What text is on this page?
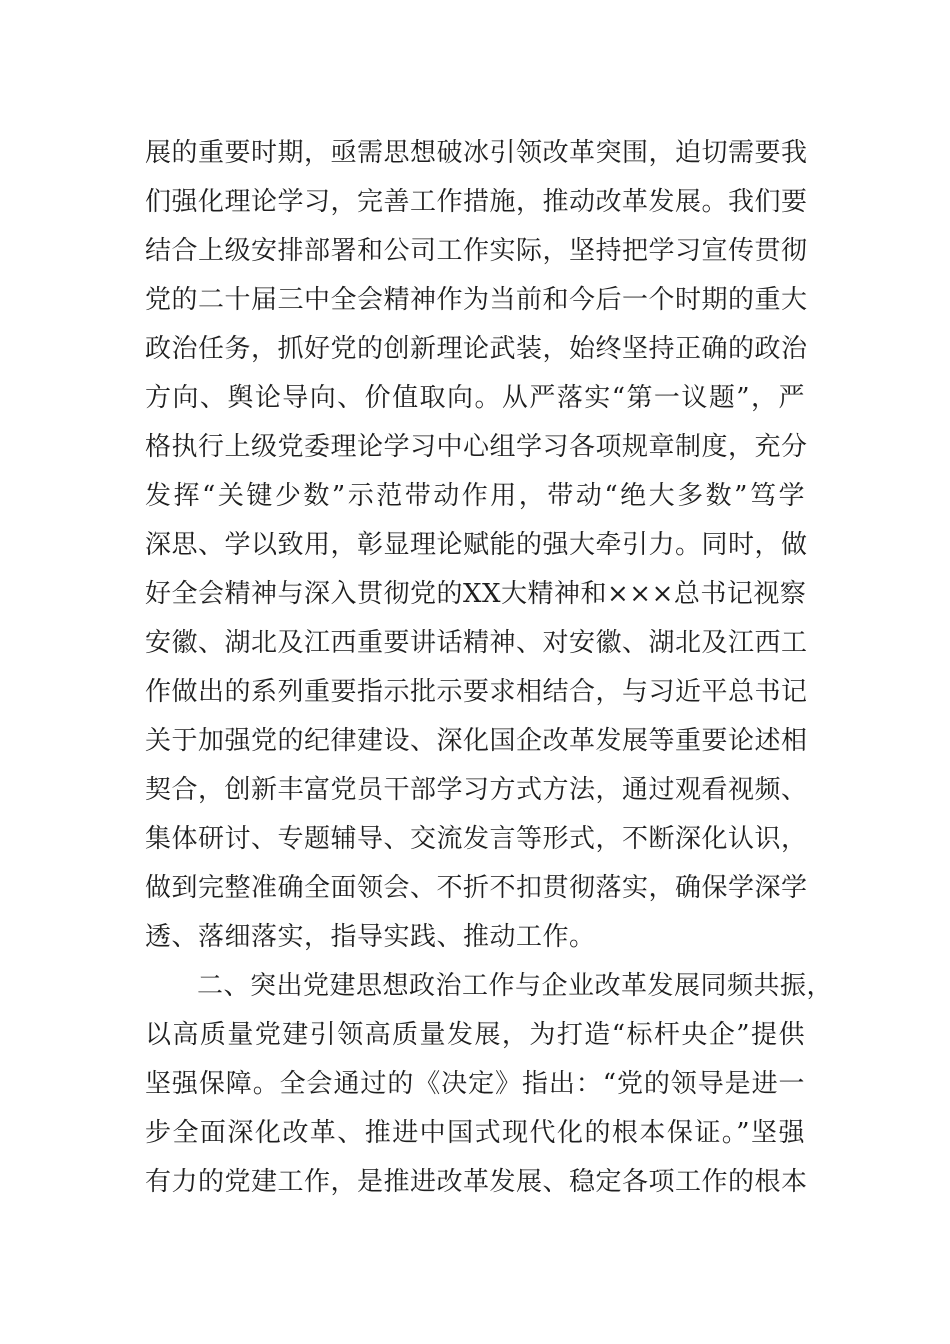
展的重要时期，亟需思想破冰引领改革突围，迫切需要我
们强化理论学习，完善工作措施，推动改革发展。我们要
结合上级安排部署和公司工作实际，坚持把学习宣传贯彻
党的二十届三中全会精神作为当前和今后一个时期的重大
政治任务，抓好党的创新理论武装，始终坚持正确的政治
方向、舆论导向、价值取向。从严落实“第一议题”，严
格执行上级党委理论学习中心组学习各项规章制度，充分
发挥“关键少数”示范带动作用，带动“绝大多数”笃学
深思、学以致用，彰显理论赋能的强大牵引力。同时，做
好全会精神与深入贯彻党的XX大精神和×××总书记视察
安徽、湖北及江西重要讲话精神、对安徽、湖北及江西工
作做出的系列重要指示批示要求相结合，与习近平总书记
关于加强党的纪律建设、深化国企改革发展等重要论述相
契合，创新丰富党员干部学习方式方法，通过观看视频、
集体研讨、专题辅导、交流发言等形式，不断深化认识，
做到完整准确全面领会、不折不扣贯彻落实，确保学深学
透、落细落实，指导实践、推动工作。
二、突出党建思想政治工作与企业改革发展同频共振，
以高质量党建引领高质量发展，为打造“标杆央企”提供
坚强保障。全会通过的《决定》指出：“党的领导是进一
步全面深化改革、推进中国式现代化的根本保证。”坚强
有力的党建工作，是推进改革发展、稳定各项工作的根本
